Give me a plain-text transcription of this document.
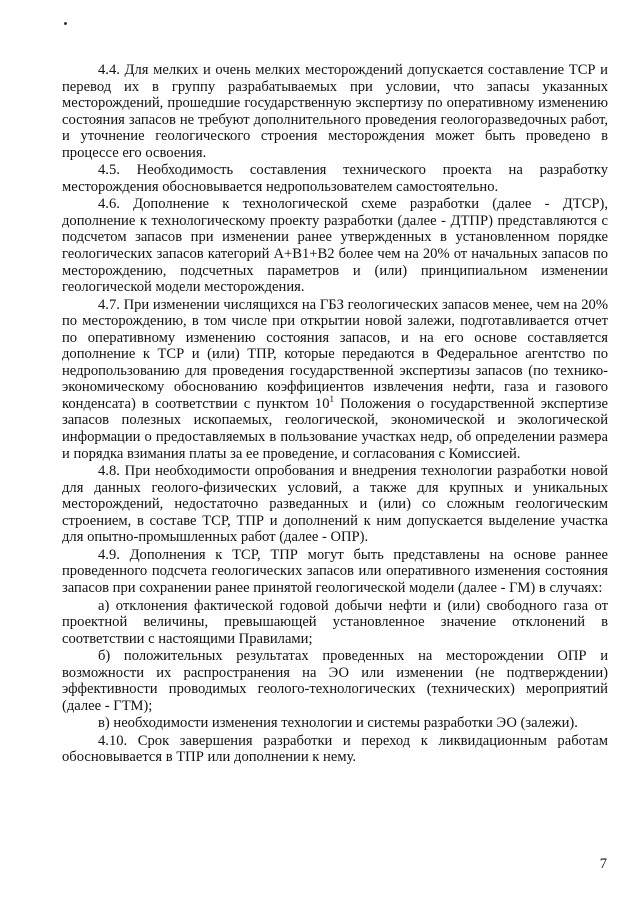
4.4. Для мелких и очень мелких месторождений допускается составление ТСР и перевод их в группу разрабатываемых при условии, что запасы указанных месторождений, прошедшие государственную экспертизу по оперативному изменению состояния запасов не требуют дополнительного проведения геологоразведочных работ, и уточнение геологического строения месторождения может быть проведено в процессе его освоения.

4.5. Необходимость составления технического проекта на разработку месторождения обосновывается недропользователем самостоятельно.

4.6. Дополнение к технологической схеме разработки (далее - ДТСР), дополнение к технологическому проекту разработки (далее - ДТПР) представляются с подсчетом запасов при изменении ранее утвержденных в установленном порядке геологических запасов категорий A+B1+B2 более чем на 20% от начальных запасов по месторождению, подсчетных параметров и (или) принципиальном изменении геологической модели месторождения.

4.7. При изменении числящихся на ГБЗ геологических запасов менее, чем на 20% по месторождению, в том числе при открытии новой залежи, подготавливается отчет по оперативному изменению состояния запасов, и на его основе составляется дополнение к ТСР и (или) ТПР, которые передаются в Федеральное агентство по недропользованию для проведения государственной экспертизы запасов (по технико-экономическому обоснованию коэффициентов извлечения нефти, газа и газового конденсата) в соответствии с пунктом $10^1$ Положения о государственной экспертизе запасов полезных ископаемых, геологической, экономической и экологической информации о предоставляемых в пользование участках недр, об определении размера и порядка взимания платы за ее проведение, и согласования с Комиссией.

4.8. При необходимости опробования и внедрения технологии разработки новой для данных геолого-физических условий, а также для крупных и уникальных месторождений, недостаточно разведанных и (или) со сложным геологическим строением, в составе ТСР, ТПР и дополнений к ним допускается выделение участка для опытно-промышленных работ (далее - ОПР).

4.9. Дополнения к ТСР, ТПР могут быть представлены на основе раннее проведенного подсчета геологических запасов или оперативного изменения состояния запасов при сохранении ранее принятой геологической модели (далее - ГМ) в случаях:

а) отклонения фактической годовой добычи нефти и (или) свободного газа от проектной величины, превышающей установленное значение отклонений в соответствии с настоящими Правилами;

б) положительных результатах проведенных на месторождении ОПР и возможности их распространения на ЭО или изменении (не подтверждении) эффективности проводимых геолого-технологических (технических) мероприятий (далее - ГТМ);

в) необходимости изменения технологии и системы разработки ЭО (залежи).

4.10. Срок завершения разработки и переход к ликвидационным работам обосновывается в ТПР или дополнении к нему.

7
